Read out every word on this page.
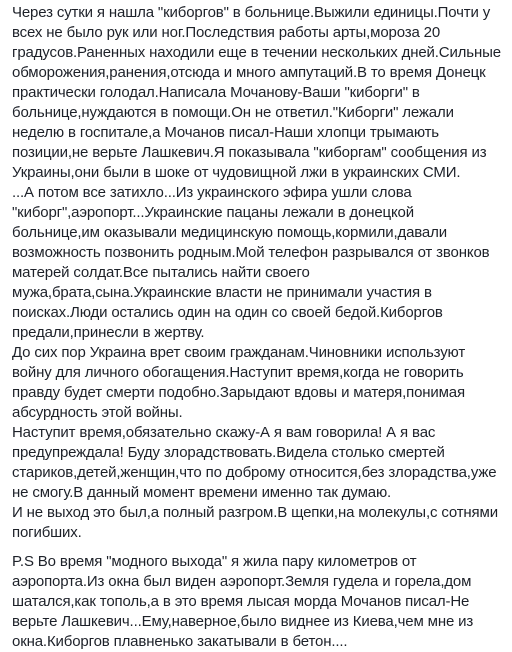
Через сутки я нашла "киборгов" в больнице.Выжили единицы.Почти у всех не было рук или ног.Последствия работы арты,мороза 20 градусов.Раненных находили еще в течении нескольких дней.Сильные обморожения,ранения,отсюда и много ампутаций.В то время Донецк практически голодал.Написала Мочанову-Ваши "киборги" в больнице,нуждаются в помощи.Он не ответил."Киборги" лежали неделю в госпитале,а Мочанов писал-Наши хлопци трымають позиции,не верьте Лашкевич.Я показывала "киборгам" сообщения из Украины,они были в шоке от чудовищной лжи в украинских СМИ.

...А потом все затихло...Из украинского эфира ушли слова "киборг",аэропорт...Украинские пацаны лежали в донецкой больнице,им оказывали медицинскую помощь,кормили,давали возможность позвонить родным.Мой телефон разрывался от звонков матерей солдат.Все пытались найти своего мужа,брата,сына.Украинские власти не принимали участия в поисках.Люди остались один на один со своей бедой.Киборгов предали,принесли в жертву.

До сих пор Украина врет своим гражданам.Чиновники используют войну для личного обогащения.Наступит время,когда не говорить правду будет смерти подобно.Зарыдают вдовы и матеря,понимая абсурдность этой войны.

Наступит время,обязательно скажу-А я вам говорила! А я вас предупреждала! Буду злорадствовать.Видела столько смертей стариков,детей,женщин,что по доброму относится,без злорадства,уже не смогу.В данный момент времени именно так думаю.

И не выход это был,а полный разгром.В щепки,на молекулы,с сотнями погибших.

P.S Во время "модного выхода" я жила пару километров от аэропорта.Из окна был виден аэропорт.Земля гудела и горела,дом шатался,как тополь,а в это время лысая морда Мочанов писал-Не верьте Лашкевич...Ему,наверное,было виднее из Киева,чем мне из окна.Киборгов плавненько закатывали в бетон....
